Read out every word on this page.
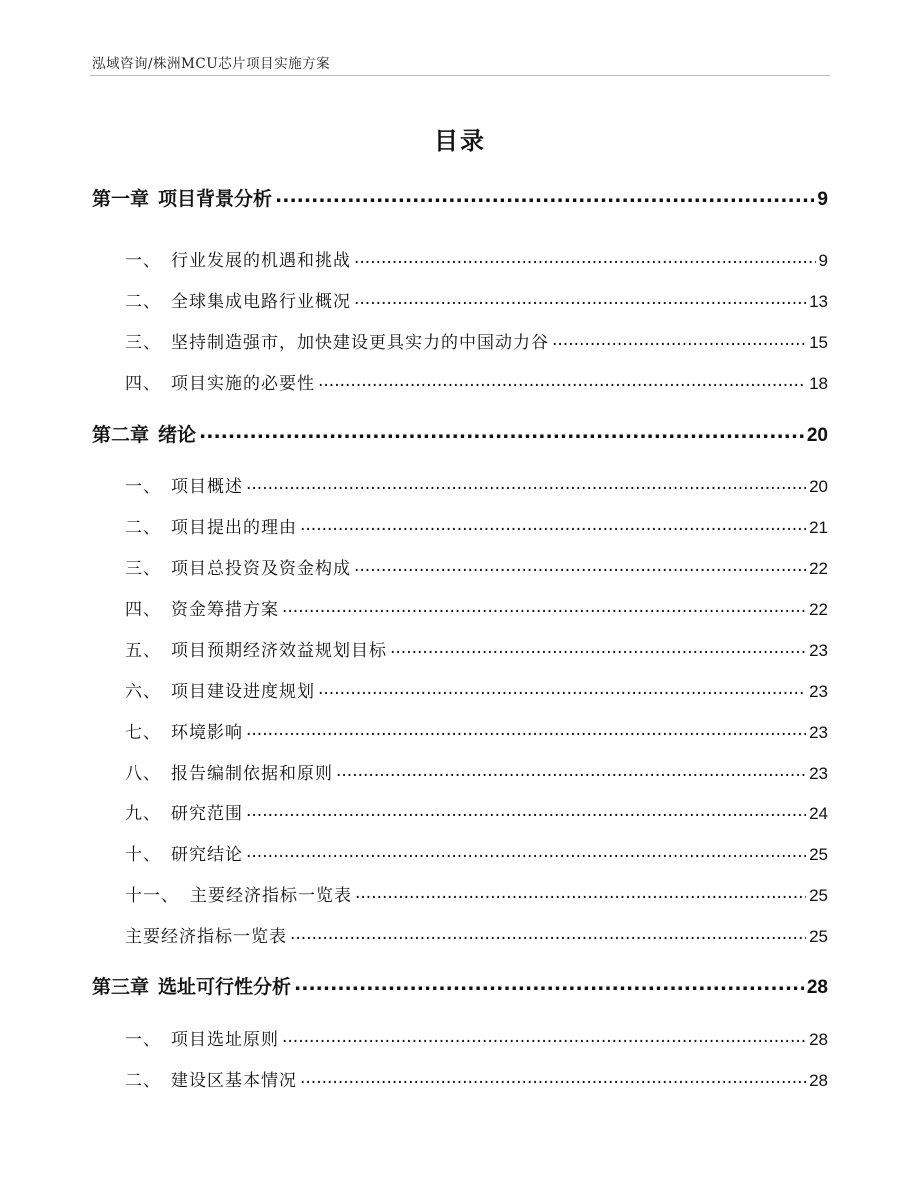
泓域咨询/株洲MCU芯片项目实施方案
目录
第一章 项目背景分析 .....	9
一、 行业发展的机遇和挑战 .....	9
二、 全球集成电路行业概况 .....	13
三、 坚持制造强市，加快建设更具实力的中国动力谷 .....	15
四、 项目实施的必要性 .....	18
第二章 绪论 .....	20
一、 项目概述 .....	20
二、 项目提出的理由 .....	21
三、 项目总投资及资金构成 .....	22
四、 资金筹措方案 .....	22
五、 项目预期经济效益规划目标 .....	23
六、 项目建设进度规划 .....	23
七、 环境影响 .....	23
八、 报告编制依据和原则 .....	23
九、 研究范围 .....	24
十、 研究结论 .....	25
十一、 主要经济指标一览表 .....	25
主要经济指标一览表 .....	25
第三章 选址可行性分析 .....	28
一、 项目选址原则 .....	28
二、 建设区基本情况 .....	28
